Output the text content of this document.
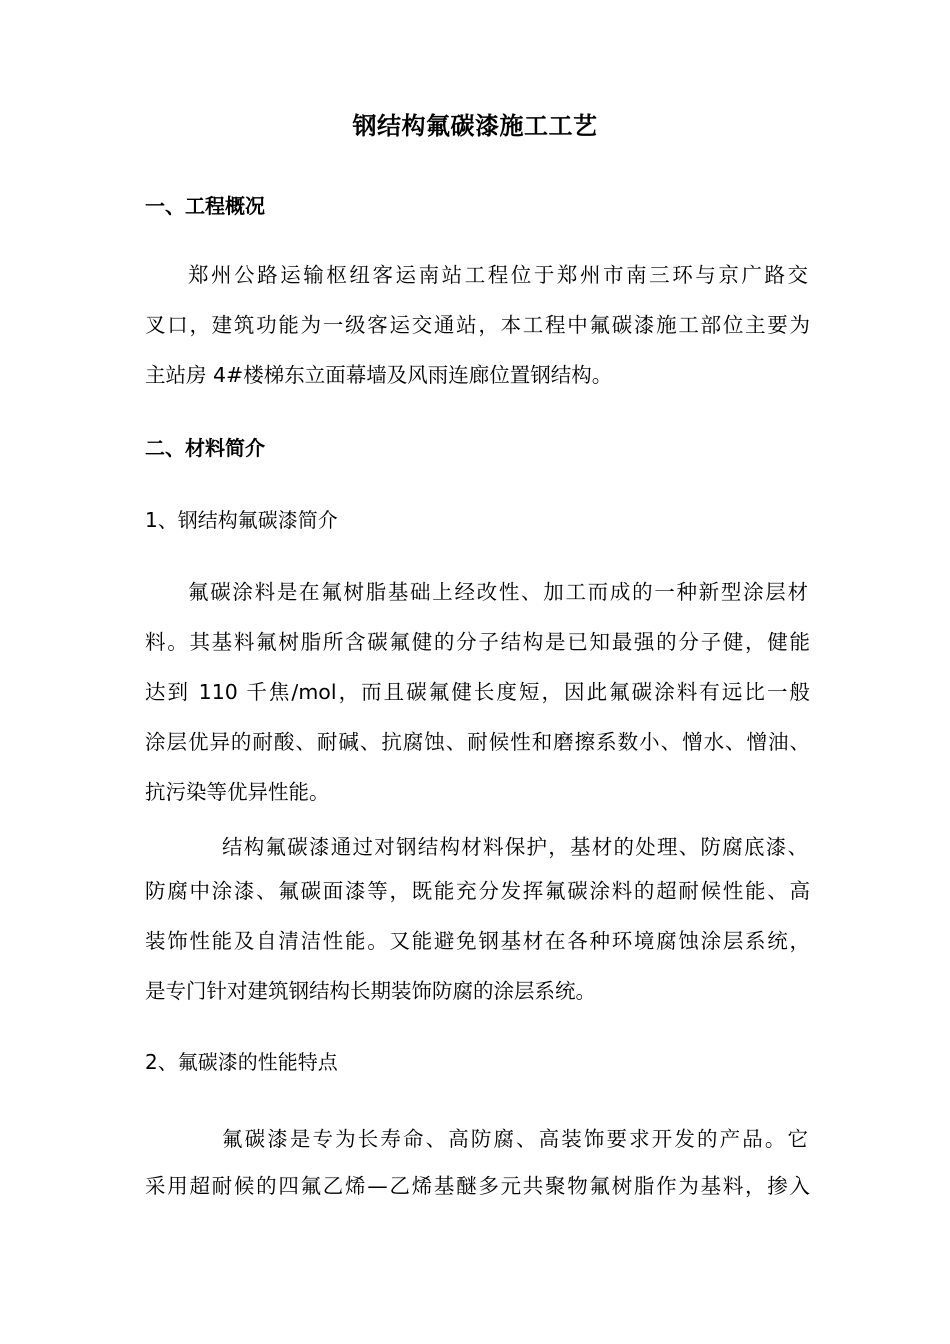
钢结构氟碳漆施工工艺
一、工程概况
郑州公路运输枢纽客运南站工程位于郑州市南三环与京广路交
叉口，建筑功能为一级客运交通站，本工程中氟碳漆施工部位主要为
主站房 4#楼梯东立面幕墙及风雨连廊位置钢结构。
二、材料简介
1、钢结构氟碳漆简介
氟碳涂料是在氟树脂基础上经改性、加工而成的一种新型涂层材
料。其基料氟树脂所含碳氟健的分子结构是已知最强的分子健，健能
达到 110 千焦/mol，而且碳氟健长度短，因此氟碳涂料有远比一般
涂层优异的耐酸、耐碱、抗腐蚀、耐候性和磨擦系数小、憎水、憎油、
抗污染等优异性能。
结构氟碳漆通过对钢结构材料保护，基材的处理、防腐底漆、
防腐中涂漆、氟碳面漆等，既能充分发挥氟碳涂料的超耐候性能、高
装饰性能及自清洁性能。又能避免钢基材在各种环境腐蚀涂层系统，
是专门针对建筑钢结构长期装饰防腐的涂层系统。
2、氟碳漆的性能特点
氟碳漆是专为长寿命、高防腐、高装饰要求开发的产品。它
采用超耐候的四氟乙烯—乙烯基醚多元共聚物氟树脂作为基料，掺入
